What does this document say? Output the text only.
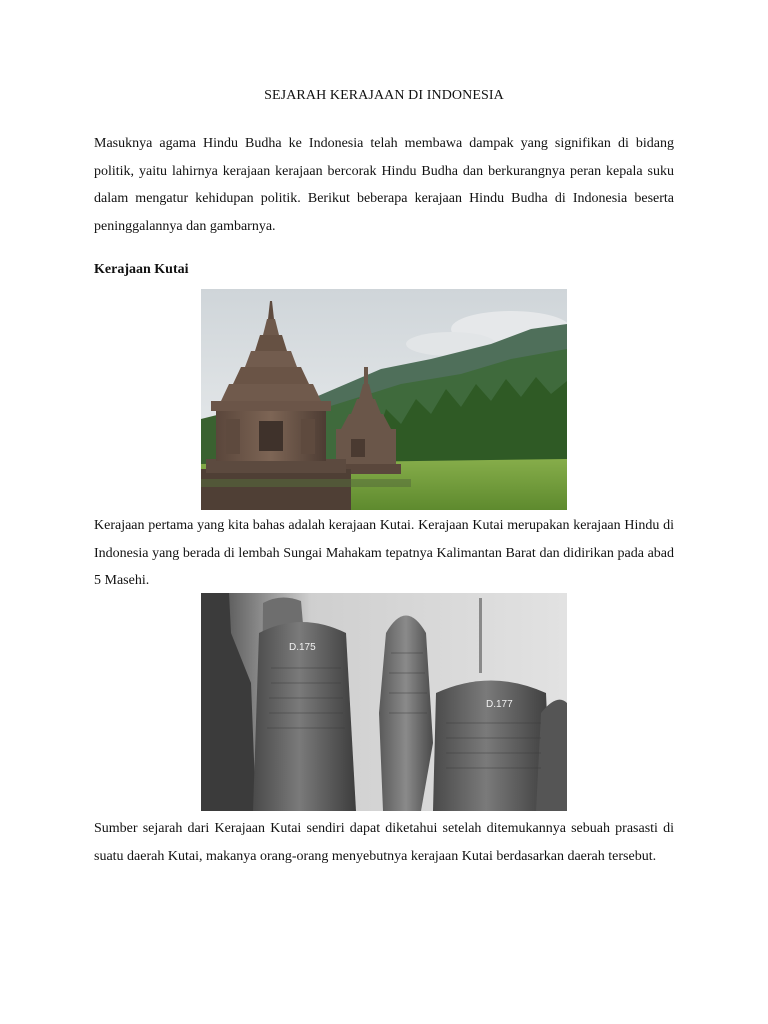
SEJARAH KERAJAAN DI INDONESIA

Masuknya agama Hindu Budha ke Indonesia telah membawa dampak yang signifikan di bidang politik, yaitu lahirnya kerajaan kerajaan bercorak Hindu Budha dan berkurangnya peran kepala suku dalam mengatur kehidupan politik. Berikut beberapa kerajaan Hindu Budha di Indonesia beserta peninggalannya dan gambarnya.

Kerajaan Kutai

Kerajaan pertama yang kita bahas adalah kerajaan Kutai. Kerajaan Kutai merupakan kerajaan Hindu di Indonesia yang berada di lembah Sungai Mahakam tepatnya Kalimantan Barat dan didirikan pada abad 5 Masehi.

D.175
D.177

Sumber sejarah dari Kerajaan Kutai sendiri dapat diketahui setelah ditemukannya sebuah prasasti di suatu daerah Kutai, makanya orang-orang menyebutnya kerajaan Kutai berdasarkan daerah tersebut.
